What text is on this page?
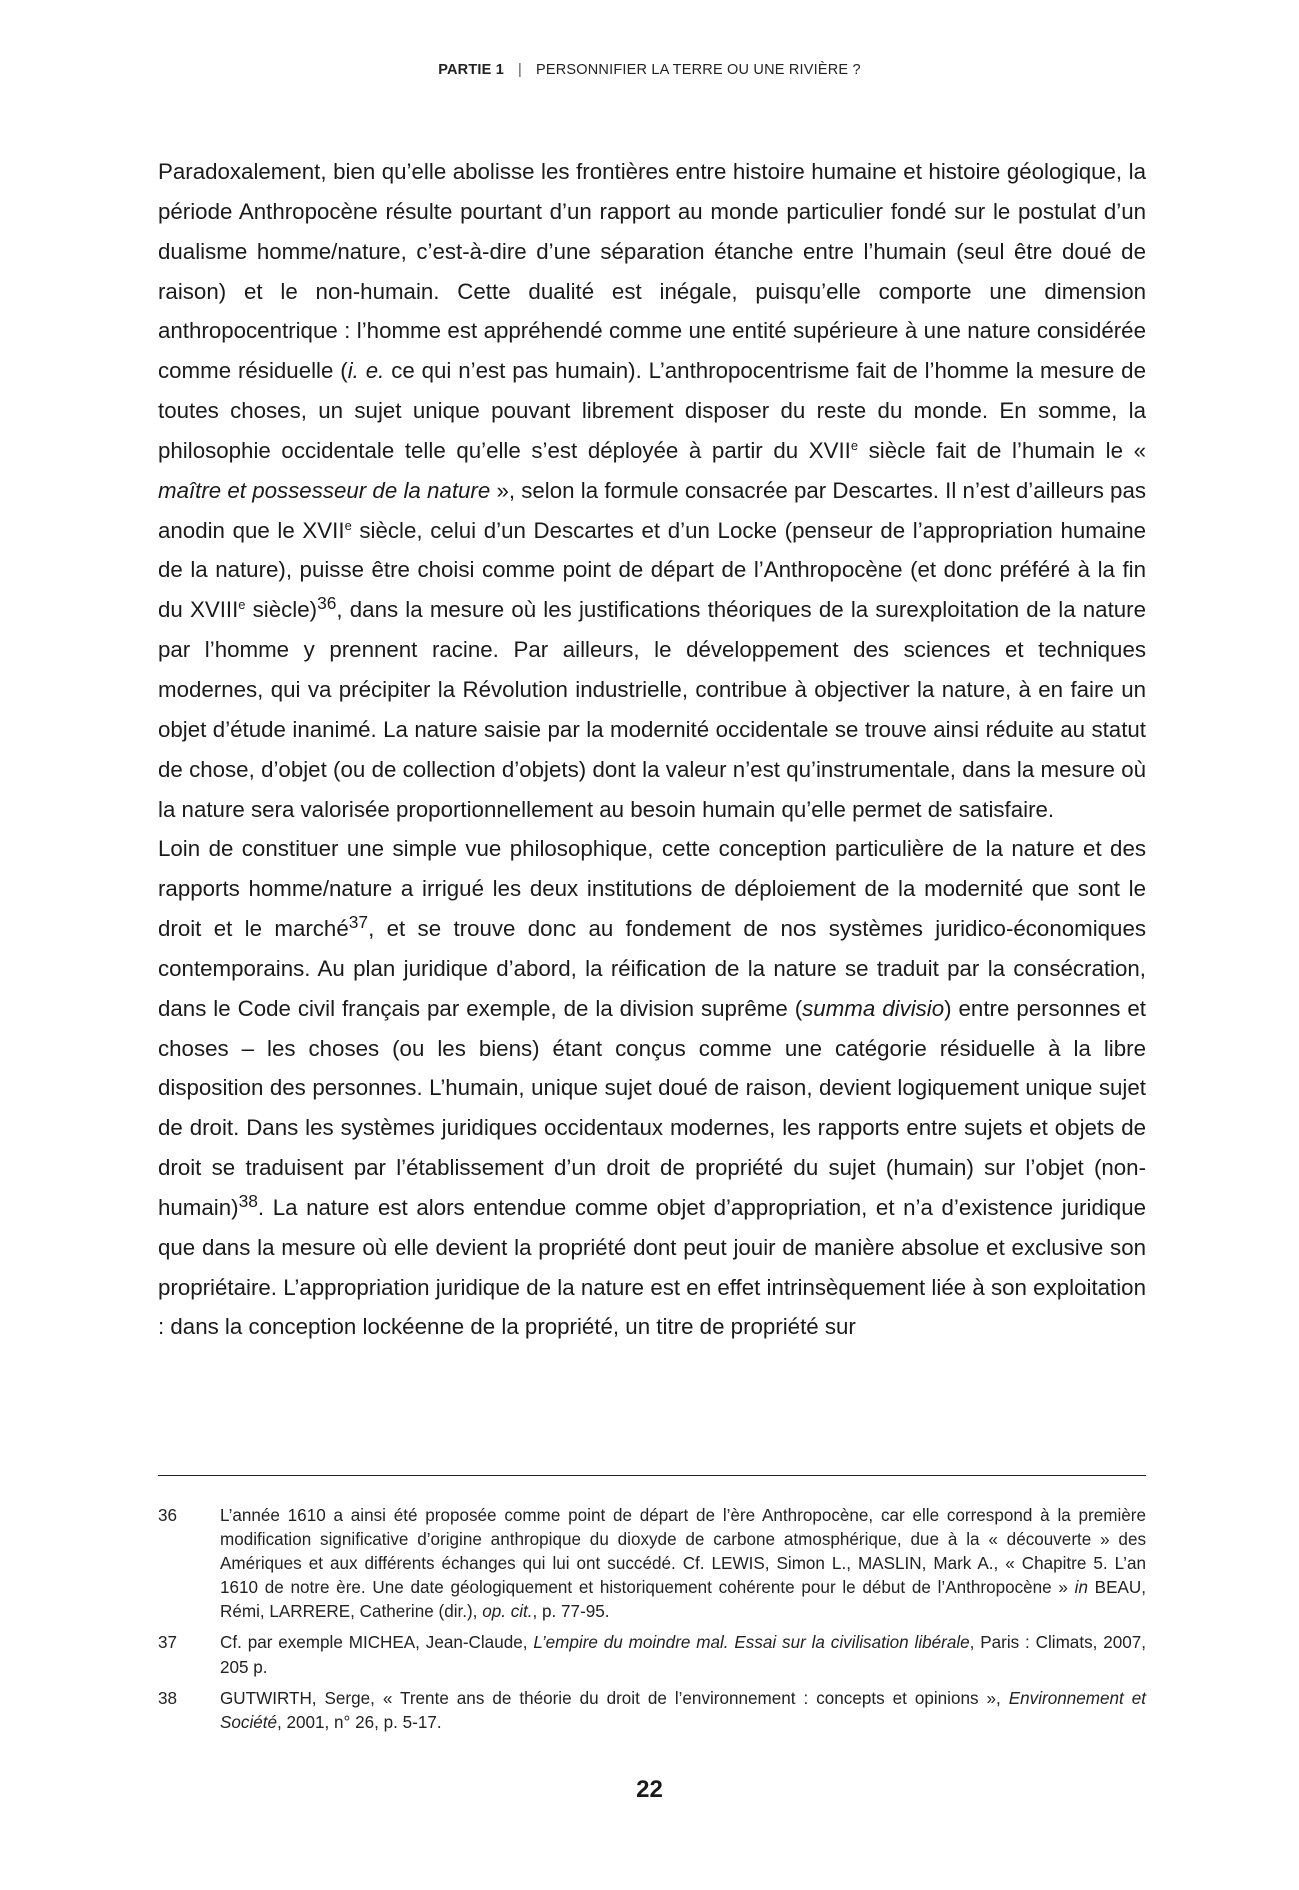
PARTIE 1 | PERSONNIFIER LA TERRE OU UNE RIVIÈRE ?

Paradoxalement, bien qu’elle abolisse les frontières entre histoire humaine et histoire géologique, la période Anthropocène résulte pourtant d’un rapport au monde particulier fondé sur le postulat d’un dualisme homme/nature, c’est-à-dire d’une séparation étanche entre l’humain (seul être doué de raison) et le non-humain. Cette dualité est inégale, puisqu’elle comporte une dimension anthropocentrique : l’homme est appréhendé comme une entité supérieure à une nature considérée comme résiduelle (i. e. ce qui n’est pas humain). L’anthropocentrisme fait de l’homme la mesure de toutes choses, un sujet unique pouvant librement disposer du reste du monde. En somme, la philosophie occidentale telle qu’elle s’est déployée à partir du XVIIe siècle fait de l’humain le « maître et possesseur de la nature », selon la formule consacrée par Descartes. Il n’est d’ailleurs pas anodin que le XVIIe siècle, celui d’un Descartes et d’un Locke (penseur de l’appropriation humaine de la nature), puisse être choisi comme point de départ de l’Anthropocène (et donc préféré à la fin du XVIIIe siècle)$^{36}$, dans la mesure où les justifications théoriques de la surexploitation de la nature par l’homme y prennent racine. Par ailleurs, le développement des sciences et techniques modernes, qui va précipiter la Révolution industrielle, contribue à objectiver la nature, à en faire un objet d’étude inanimé. La nature saisie par la modernité occidentale se trouve ainsi réduite au statut de chose, d’objet (ou de collection d’objets) dont la valeur n’est qu’instrumentale, dans la mesure où la nature sera valorisée proportionnellement au besoin humain qu’elle permet de satisfaire.

Loin de constituer une simple vue philosophique, cette conception particulière de la nature et des rapports homme/nature a irrigué les deux institutions de déploiement de la modernité que sont le droit et le marché$^{37}$, et se trouve donc au fondement de nos systèmes juridico-économiques contemporains. Au plan juridique d’abord, la réification de la nature se traduit par la consécration, dans le Code civil français par exemple, de la division suprême (summa divisio) entre personnes et choses – les choses (ou les biens) étant conçus comme une catégorie résiduelle à la libre disposition des personnes. L’humain, unique sujet doué de raison, devient logiquement unique sujet de droit. Dans les systèmes juridiques occidentaux modernes, les rapports entre sujets et objets de droit se traduisent par l’établissement d’un droit de propriété du sujet (humain) sur l’objet (non-humain)$^{38}$. La nature est alors entendue comme objet d’appropriation, et n’a d’existence juridique que dans la mesure où elle devient la propriété dont peut jouir de manière absolue et exclusive son propriétaire. L’appropriation juridique de la nature est en effet intrinsèquement liée à son exploitation : dans la conception lockéenne de la propriété, un titre de propriété sur

36	L’année 1610 a ainsi été proposée comme point de départ de l’ère Anthropocène, car elle correspond à la première modification significative d’origine anthropique du dioxyde de carbone atmosphérique, due à la « découverte » des Amériques et aux différents échanges qui lui ont succédé. Cf. LEWIS, Simon L., MASLIN, Mark A., « Chapitre 5. L’an 1610 de notre ère. Une date géologiquement et historiquement cohérente pour le début de l’Anthropocène » in BEAU, Rémi, LARRERE, Catherine (dir.), op. cit., p. 77-95.
37	Cf. par exemple MICHEA, Jean-Claude, L’empire du moindre mal. Essai sur la civilisation libérale, Paris : Climats, 2007, 205 p.
38	GUTWIRTH, Serge, « Trente ans de théorie du droit de l’environnement : concepts et opinions », Environnement et Société, 2001, n° 26, p. 5-17.
22
